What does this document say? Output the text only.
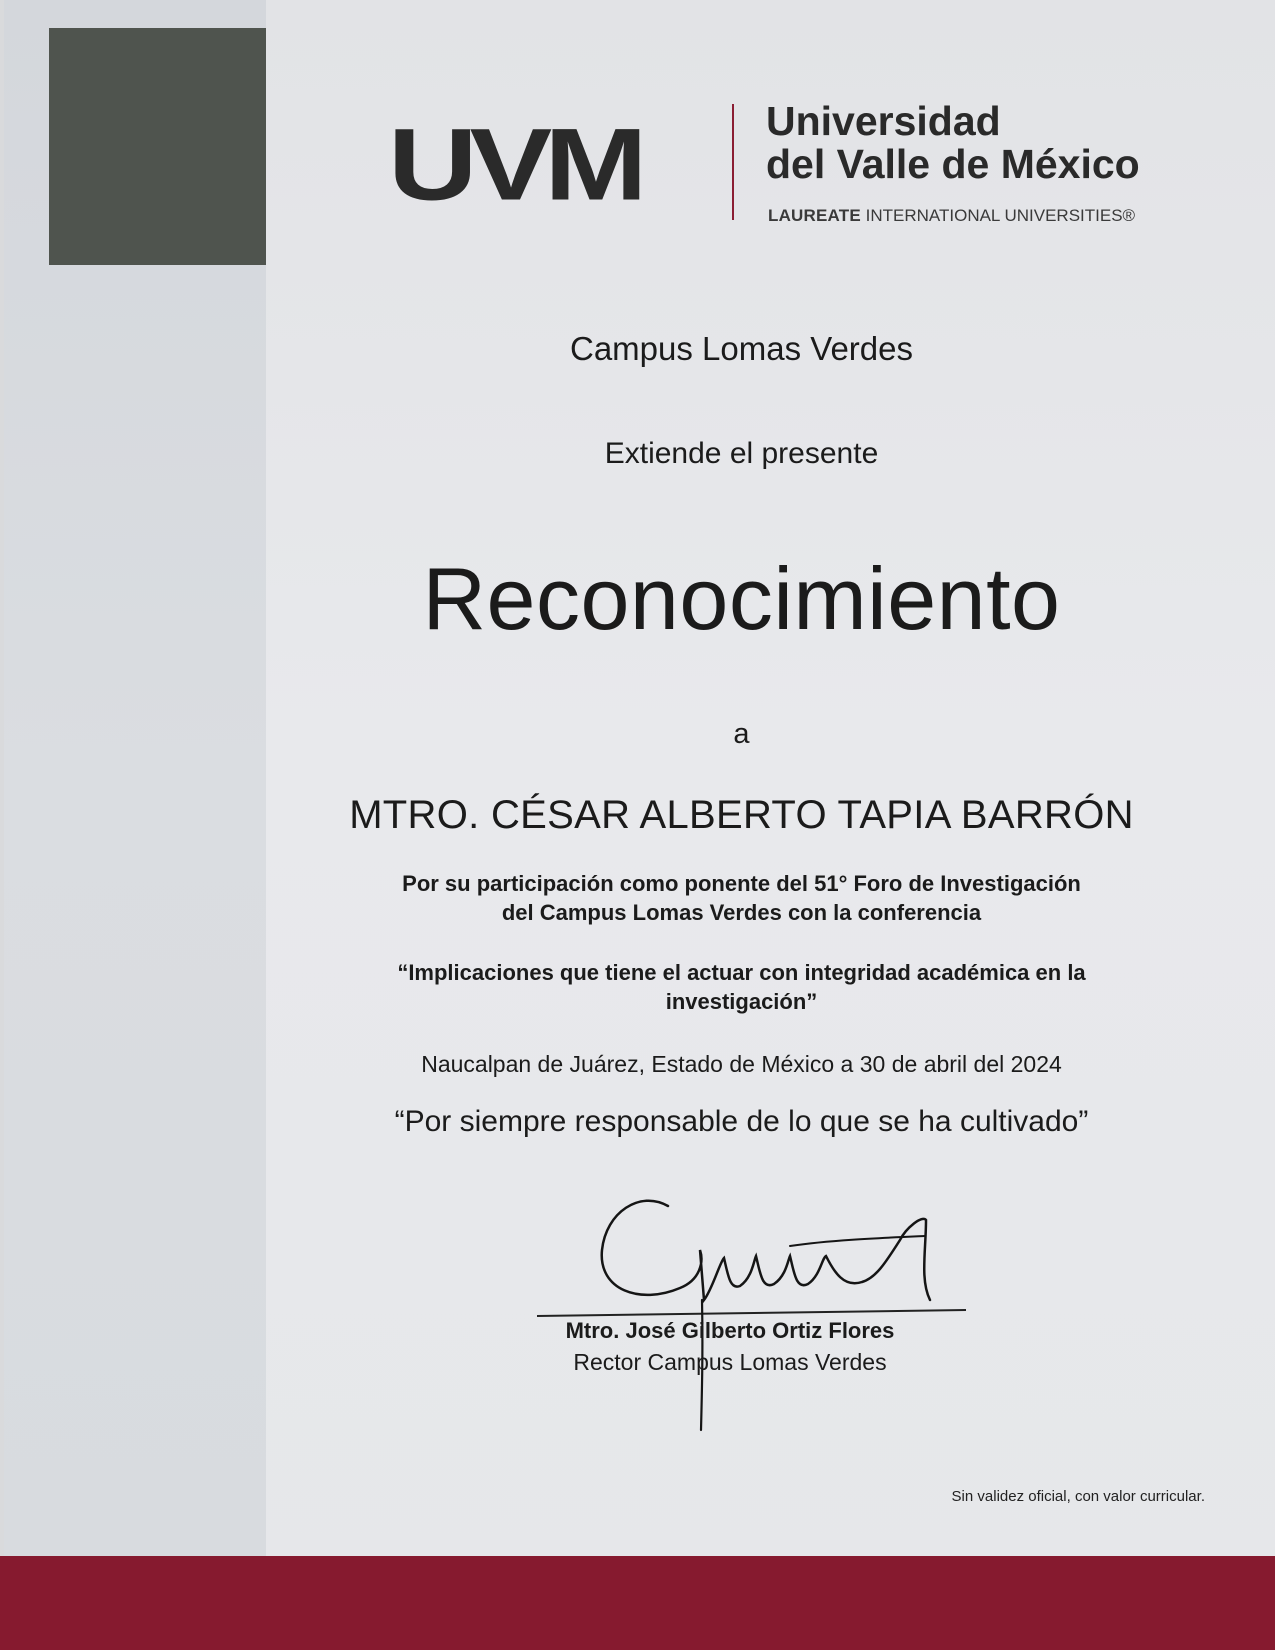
UVM	Universidad
del Valle de México
LAUREATE INTERNATIONAL UNIVERSITIES®
Campus Lomas Verdes
Extiende el presente
Reconocimiento
a
MTRO. CÉSAR ALBERTO TAPIA BARRÓN
Por su participación como ponente del 51° Foro de Investigación
del Campus Lomas Verdes con la conferencia
“Implicaciones que tiene el actuar con integridad académica en la
investigación”
Naucalpan de Juárez, Estado de México a 30 de abril del 2024
“Por siempre responsable de lo que se ha cultivado”
Mtro. José Gilberto Ortiz Flores
Rector Campus Lomas Verdes
Sin validez oficial, con valor curricular.
